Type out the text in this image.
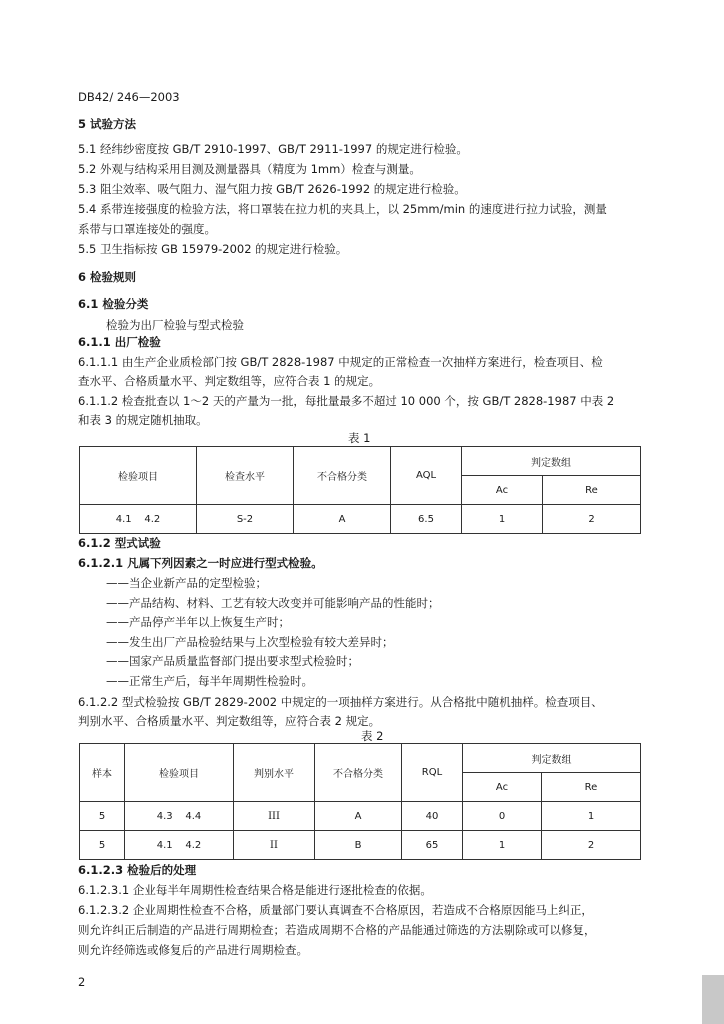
DB42/ 246—2003
5 试验方法
5.1 经纬纱密度按 GB/T 2910-1997、GB/T 2911-1997 的规定进行检验。
5.2 外观与结构采用目测及测量器具（精度为 1mm）检查与测量。
5.3 阻尘效率、吸气阻力、湿气阻力按 GB/T 2626-1992 的规定进行检验。
5.4 系带连接强度的检验方法，将口罩装在拉力机的夹具上，以 25mm/min 的速度进行拉力试验，测量
系带与口罩连接处的强度。
5.5 卫生指标按 GB 15979-2002 的规定进行检验。
6 检验规则
6.1 检验分类
检验为出厂检验与型式检验
6.1.1 出厂检验
6.1.1.1 由生产企业质检部门按 GB/T 2828-1987 中规定的正常检查一次抽样方案进行，检查项目、检
查水平、合格质量水平、判定数组等，应符合表 1 的规定。
6.1.1.2 检查批查以 1～2 天的产量为一批，每批量最多不超过 10 000 个，按 GB/T 2828-1987 中表 2
和表 3 的规定随机抽取。
表 1
检验项目	检查水平	不合格分类	AQL	判定数组	
				Ac	Re
4.1    4.2	S-2	A	6.5	1	2
6.1.2 型式试验
6.1.2.1 凡属下列因素之一时应进行型式检验。
——当企业新产品的定型检验；
——产品结构、材料、工艺有较大改变并可能影响产品的性能时；
——产品停产半年以上恢复生产时；
——发生出厂产品检验结果与上次型检验有较大差异时；
——国家产品质量监督部门提出要求型式检验时；
——正常生产后，每半年周期性检验时。
6.1.2.2 型式检验按 GB/T 2829-2002 中规定的一项抽样方案进行。从合格批中随机抽样。检查项目、
判别水平、合格质量水平、判定数组等，应符合表 2 规定。
表 2
样本	检验项目	判别水平	不合格分类	RQL	判定数组	
					Ac	Re
5	4.3    4.4	III	A	40	0	1
5	4.1    4.2	II	B	65	1	2
6.1.2.3 检验后的处理
6.1.2.3.1 企业每半年周期性检查结果合格是能进行逐批检查的依据。
6.1.2.3.2 企业周期性检查不合格，质量部门要认真调查不合格原因，若造成不合格原因能马上纠正，
则允许纠正后制造的产品进行周期检查；若造成周期不合格的产品能通过筛选的方法剔除或可以修复，
则允许经筛选或修复后的产品进行周期检查。
2
